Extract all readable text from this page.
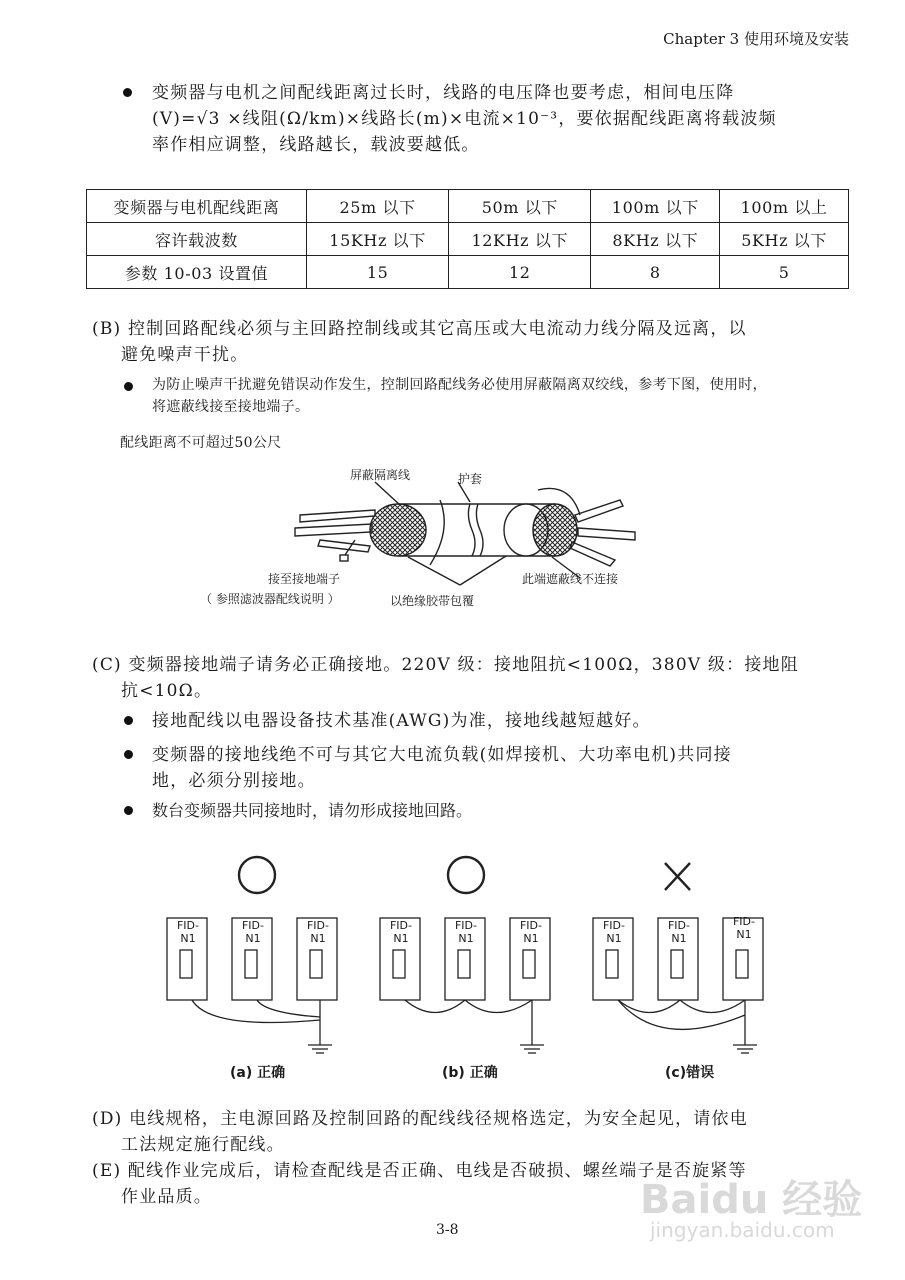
Chapter 3 使用环境及安装
变频器与电机之间配线距离过长时，线路的电压降也要考虑，相间电压降
(V)=√3 ×线阻(Ω/km)×线路长(m)×电流×10⁻³，要依据配线距离将载波频
率作相应调整，线路越长，载波要越低。
变频器与电机配线距离	25m 以下	50m 以下	100m 以下	100m 以上
容许载波数	15KHz 以下	12KHz 以下	8KHz 以下	5KHz 以下
参数 10-03 设置值	15	12	8	5
(B) 控制回路配线必须与主回路控制线或其它高压或大电流动力线分隔及远离，以
避免噪声干扰。
为防止噪声干扰避免错误动作发生，控制回路配线务必使用屏蔽隔离双绞线，参考下图，使用时，
将遮蔽线接至接地端子。
配线距离不可超过50公尺
屏蔽隔离线	护套
接至接地端子
（ 参照滤波器配线说明 ）	以绝缘胶带包覆
此端遮蔽线不连接
(C) 变频器接地端子请务必正确接地。220V 级：接地阻抗<100Ω，380V 级：接地阻
抗<10Ω。
接地配线以电器设备技术基准(AWG)为准，接地线越短越好。
变频器的接地线绝不可与其它大电流负载(如焊接机、大功率电机)共同接
地，必须分别接地。
数台变频器共同接地时，请勿形成接地回路。
FID-
N1
FID-
N1
FID-
N1
FID-
N1
FID-
N1
FID-
N1
FID-
N1
FID-
N1
FID-
N1
(a) 正确	(b) 正确	(c)错误
(D) 电线规格，主电源回路及控制回路的配线线径规格选定，为安全起见，请依电
工法规定施行配线。
(E) 配线作业完成后，请检查配线是否正确、电线是否破损、螺丝端子是否旋紧等
作业品质。
3-8
Baidu 经验
jingyan.baidu.com
